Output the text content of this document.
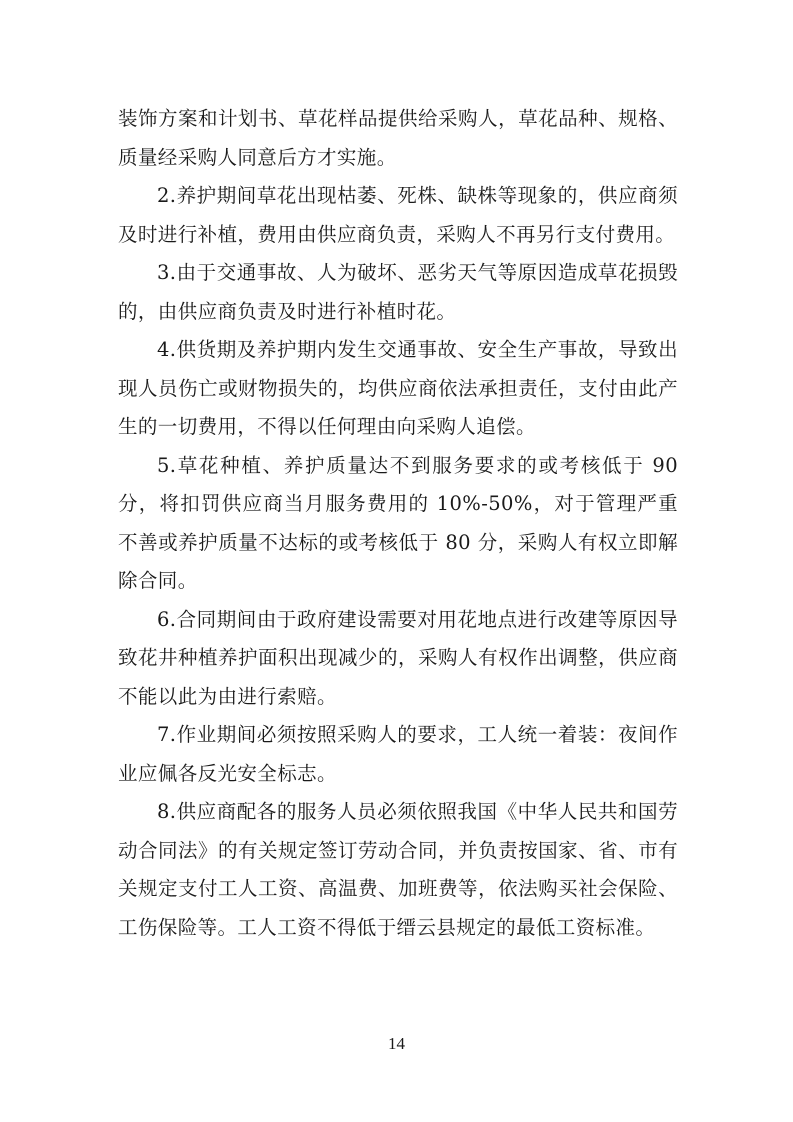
装饰方案和计划书、草花样品提供给采购人，草花品种、规格、质量经采购人同意后方才实施。

2.养护期间草花出现枯萎、死株、缺株等现象的，供应商须及时进行补植，费用由供应商负责，采购人不再另行支付费用。

3.由于交通事故、人为破坏、恶劣天气等原因造成草花损毁的，由供应商负责及时进行补植时花。

4.供货期及养护期内发生交通事故、安全生产事故，导致出现人员伤亡或财物损失的，均供应商依法承担责任，支付由此产生的一切费用，不得以任何理由向采购人追偿。

5.草花种植、养护质量达不到服务要求的或考核低于 90 分，将扣罚供应商当月服务费用的 10%-50%，对于管理严重不善或养护质量不达标的或考核低于 80 分，采购人有权立即解除合同。

6.合同期间由于政府建设需要对用花地点进行改建等原因导致花井种植养护面积出现减少的，采购人有权作出调整，供应商不能以此为由进行索赔。

7.作业期间必须按照采购人的要求，工人统一着装：夜间作业应佩各反光安全标志。

8.供应商配各的服务人员必须依照我国《中华人民共和国劳动合同法》的有关规定签订劳动合同，并负责按国家、省、市有关规定支付工人工资、高温费、加班费等，依法购买社会保险、工伤保险等。工人工资不得低于缙云县规定的最低工资标准。

14
